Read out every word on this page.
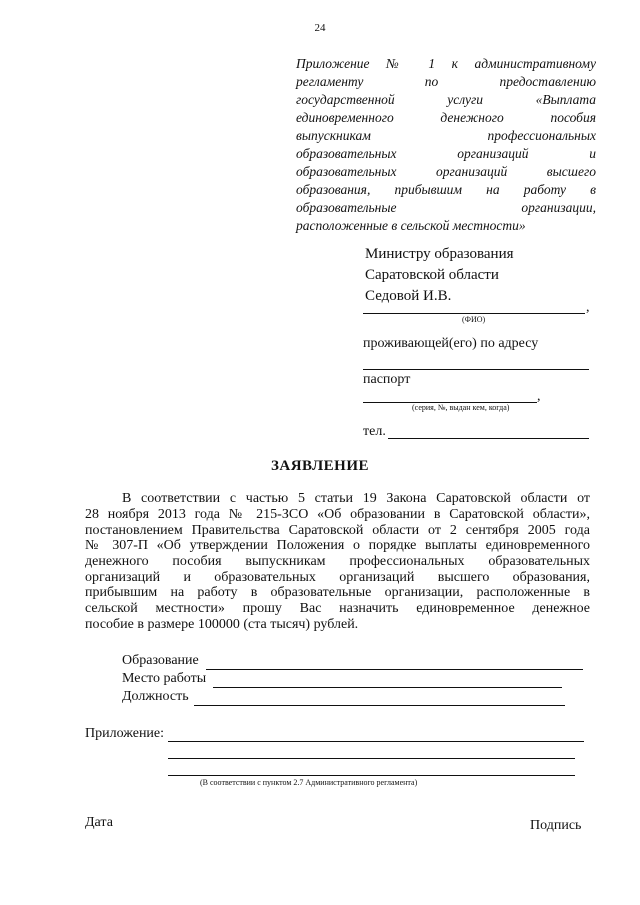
24
Приложение № 1 к административному
регламенту по предоставлению
государственной услуги «Выплата
единовременного денежного пособия
выпускникам профессиональных
образовательных организаций и
образовательных организаций высшего
образования, прибывшим на работу в
образовательные организации,
расположенные в сельской местности»
Министру образования
Саратовской области
Седовой И.В.
,
(ФИО)
проживающей(его) по адресу
паспорт
,
(серия, №, выдан кем, когда)
тел.
ЗАЯВЛЕНИЕ
В соответствии с частью 5 статьи 19 Закона Саратовской области от
28 ноября 2013 года № 215-ЗСО «Об образовании в Саратовской области»,
постановлением Правительства Саратовской области от 2 сентября 2005 года
№ 307-П «Об утверждении Положения о порядке выплаты единовременного
денежного пособия выпускникам профессиональных образовательных
организаций и образовательных организаций высшего образования,
прибывшим на работу в образовательные организации, расположенные в
сельской местности» прошу Вас назначить единовременное денежное
пособие в размере 100000 (ста тысяч) рублей.
Образование
Место работы
Должность
Приложение:
(В соответствии с пунктом 2.7 Административного регламента)
Дата	Подпись
